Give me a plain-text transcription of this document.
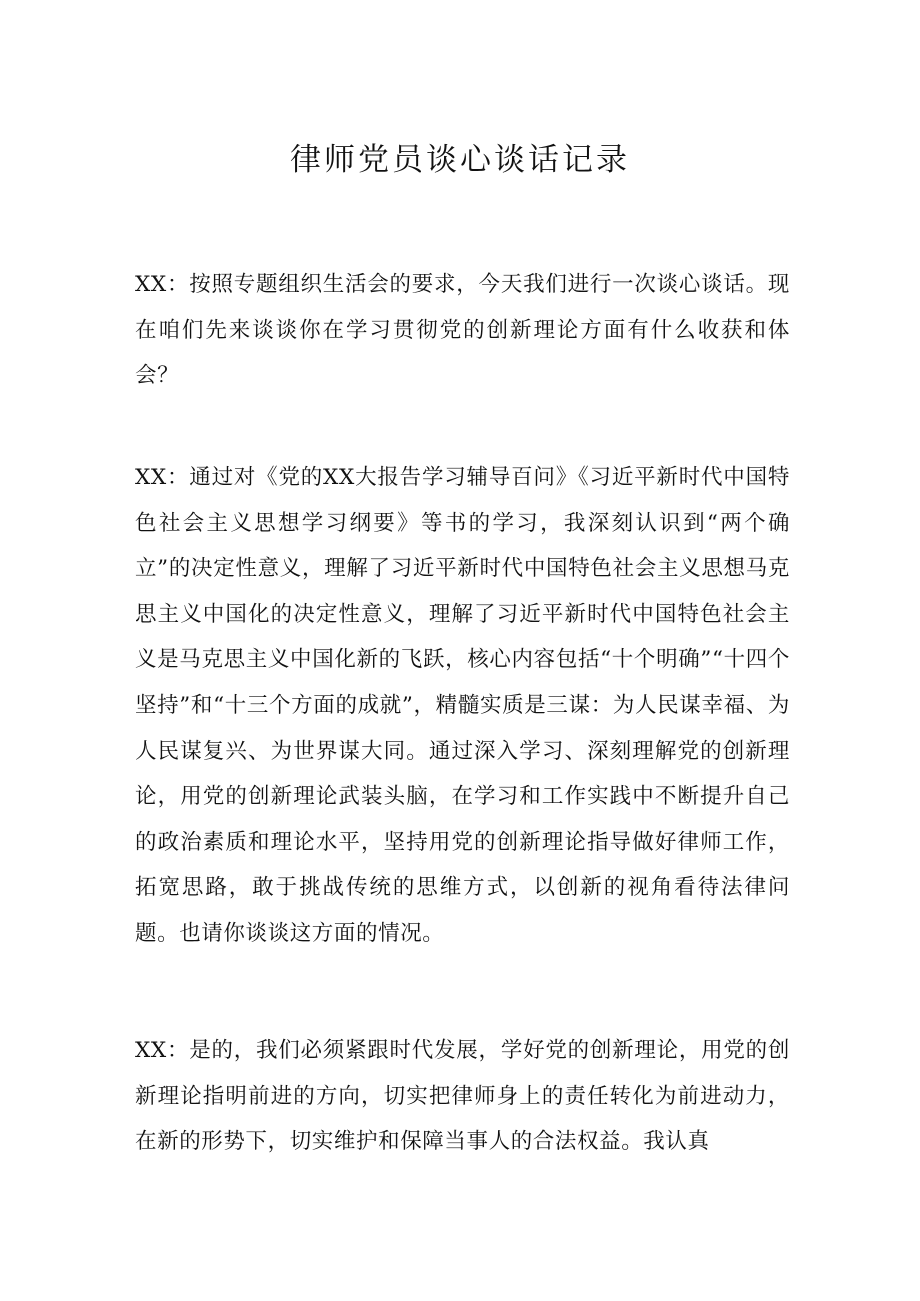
律师党员谈心谈话记录

XX：按照专题组织生活会的要求，今天我们进行一次谈心谈话。现在咱们先来谈谈你在学习贯彻党的创新理论方面有什么收获和体会？

XX：通过对《党的XX大报告学习辅导百问》《习近平新时代中国特色社会主义思想学习纲要》等书的学习，我深刻认识到“两个确立”的决定性意义，理解了习近平新时代中国特色社会主义思想马克思主义中国化的决定性意义，理解了习近平新时代中国特色社会主义是马克思主义中国化新的飞跃，核心内容包括“十个明确”“十四个坚持”和“十三个方面的成就”，精髓实质是三谋：为人民谋幸福、为人民谋复兴、为世界谋大同。通过深入学习、深刻理解党的创新理论，用党的创新理论武装头脑，在学习和工作实践中不断提升自己的政治素质和理论水平，坚持用党的创新理论指导做好律师工作，拓宽思路，敢于挑战传统的思维方式，以创新的视角看待法律问题。也请你谈谈这方面的情况。

XX：是的，我们必须紧跟时代发展，学好党的创新理论，用党的创新理论指明前进的方向，切实把律师身上的责任转化为前进动力，在新的形势下，切实维护和保障当事人的合法权益。我认真
